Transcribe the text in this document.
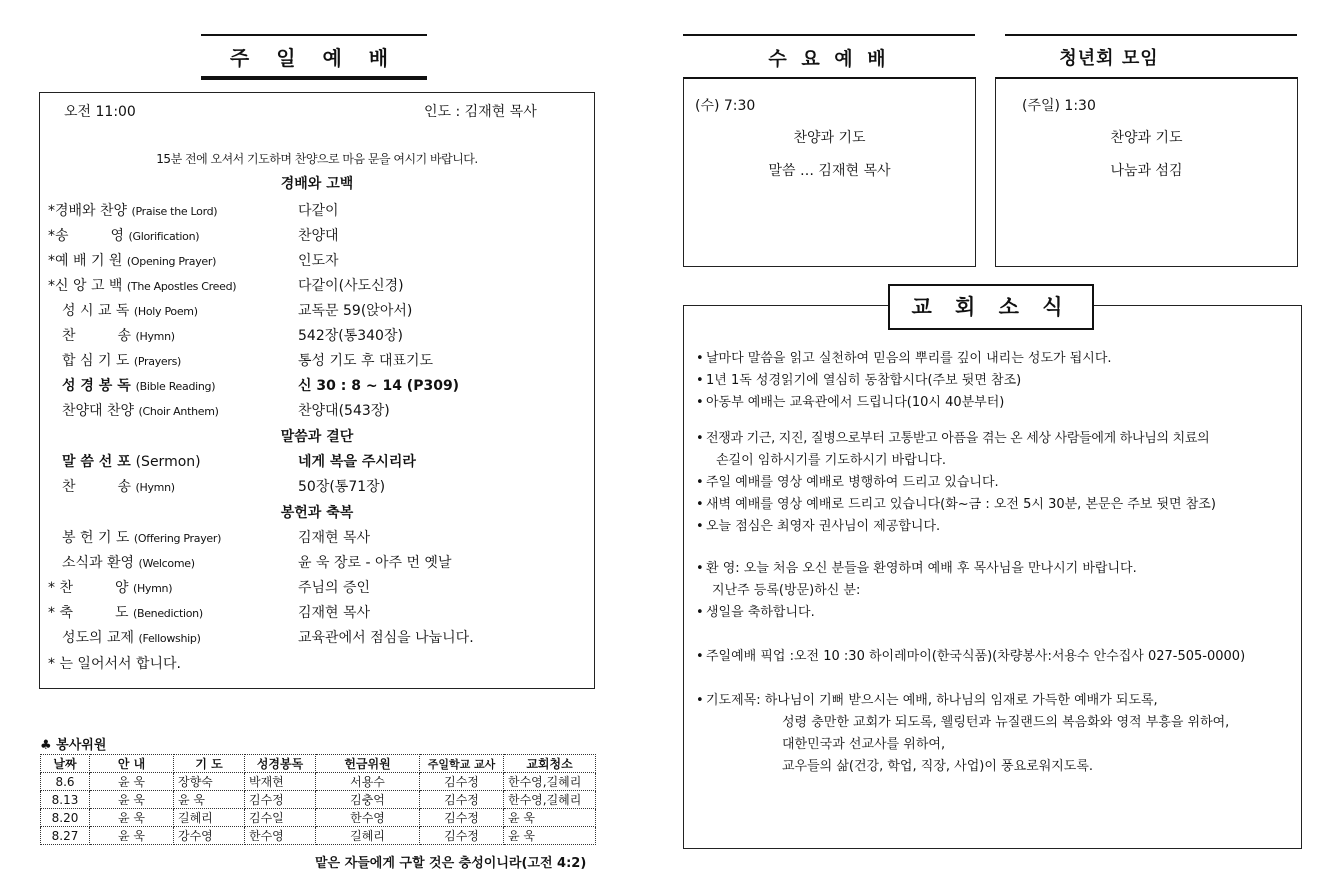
주 일 예 배
오전 11:00	인도 : 김재현 목사
15분 전에 오셔서 기도하며 찬양으로 마음 문을 여시기 바랍니다.
경배와 고백
*경배와 찬양 (Praise the Lord)	다같이
*송　　　영 (Glorification)	찬양대
*예 배 기 원 (Opening Prayer)	인도자
*신 앙 고 백 (The Apostles Creed)	다같이(사도신경)
성 시 교 독 (Holy Poem)	교독문 59(앉아서)
찬　　　송 (Hymn)	542장(통340장)
합 심 기 도 (Prayers)	통성 기도 후 대표기도
성 경 봉 독 (Bible Reading)	신 30 : 8 ~ 14 (P309)
찬양대 찬양 (Choir Anthem)	찬양대(543장)
말씀과 결단
말 씀 선 포 (Sermon)	네게 복을 주시리라
찬　　　송 (Hymn)	50장(통71장)
봉헌과 축복
봉 헌 기 도 (Offering Prayer)	김재현 목사
소식과 환영 (Welcome)	윤 욱 장로 - 아주 먼 옛날
* 찬　　　양 (Hymn)	주님의 증인
* 축　　　도 (Benediction)	김재현 목사
성도의 교제 (Fellowship)	교육관에서 점심을 나눕니다.
* 는 일어서서 합니다.
♣ 봉사위원
날짜	안 내	기 도	성경봉독	헌금위원	주일학교 교사	교회청소
8.6	윤 욱	장향숙	박재현	서용수	김수정	한수영,길혜리
8.13	윤 욱	윤 욱	김수정	김충억	김수정	한수영,길혜리
8.20	윤 욱	길혜리	김수일	한수영	김수정	윤 욱
8.27	윤 욱	강수영	한수영	길혜리	김수정	윤 욱
맡은 자들에게 구할 것은 충성이니라(고전 4:2)
수 요 예 배
(수) 7:30
찬양과 기도
말씀 … 김재현 목사
청년회 모임
(주일) 1:30
찬양과 기도
나눔과 섬김
교 회 소 식
• 날마다 말씀을 읽고 실천하여 믿음의 뿌리를 깊이 내리는 성도가 됩시다.
• 1년 1독 성경읽기에 열심히 동참합시다(주보 뒷면 참조)
• 아동부 예배는 교육관에서 드립니다(10시 40분부터)
• 전쟁과 기근, 지진, 질병으로부터 고통받고 아픔을 겪는 온 세상 사람들에게 하나님의 치료의
손길이 임하시기를 기도하시기 바랍니다.
• 주일 예배를 영상 예배로 병행하여 드리고 있습니다.
• 새벽 예배를 영상 예배로 드리고 있습니다(화~금 : 오전 5시 30분, 본문은 주보 뒷면 참조)
• 오늘 점심은 최영자 권사님이 제공합니다.
• 환 영: 오늘 처음 오신 분들을 환영하며 예배 후 목사님을 만나시기 바랍니다.
지난주 등록(방문)하신 분:
• 생일을 축하합니다.
• 주일예배 픽업 :오전 10 :30 하이레마이(한국식품)(차량봉사:서용수 안수집사 027-505-0000)
• 기도제목: 하나님이 기뻐 받으시는 예배, 하나님의 임재로 가득한 예배가 되도록,
성령 충만한 교회가 되도록, 웰링턴과 뉴질랜드의 복음화와 영적 부흥을 위하여,
대한민국과 선교사를 위하여,
교우들의 삶(건강, 학업, 직장, 사업)이 풍요로워지도록.
